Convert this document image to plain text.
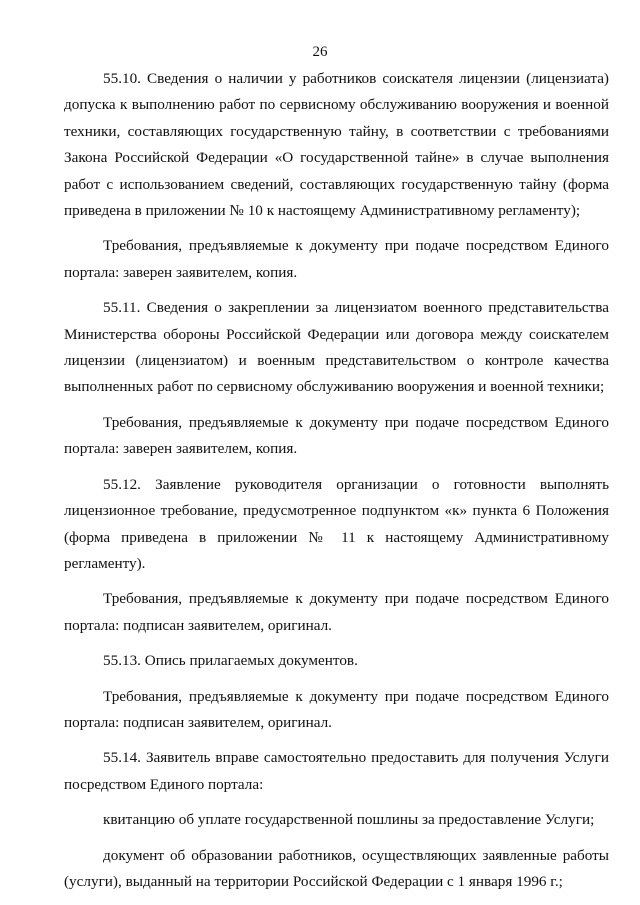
26

55.10. Сведения о наличии у работников соискателя лицензии (лицензиата) допуска к выполнению работ по сервисному обслуживанию вооружения и военной техники, составляющих государственную тайну, в соответствии с требованиями Закона Российской Федерации «О государственной тайне» в случае выполнения работ с использованием сведений, составляющих государственную тайну (форма приведена в приложении № 10 к настоящему Административному регламенту);

Требования, предъявляемые к документу при подаче посредством Единого портала: заверен заявителем, копия.

55.11. Сведения о закреплении за лицензиатом военного представительства Министерства обороны Российской Федерации или договора между соискателем лицензии (лицензиатом) и военным представительством о контроле качества выполненных работ по сервисному обслуживанию вооружения и военной техники;

Требования, предъявляемые к документу при подаче посредством Единого портала: заверен заявителем, копия.

55.12. Заявление руководителя организации о готовности выполнять лицензионное требование, предусмотренное подпунктом «к» пункта 6 Положения (форма приведена в приложении № 11 к настоящему Административному регламенту).

Требования, предъявляемые к документу при подаче посредством Единого портала: подписан заявителем, оригинал.

55.13. Опись прилагаемых документов.

Требования, предъявляемые к документу при подаче посредством Единого портала: подписан заявителем, оригинал.

55.14. Заявитель вправе самостоятельно предоставить для получения Услуги посредством Единого портала:

квитанцию об уплате государственной пошлины за предоставление Услуги;

документ об образовании работников, осуществляющих заявленные работы (услуги), выданный на территории Российской Федерации с 1 января 1996 г.;
